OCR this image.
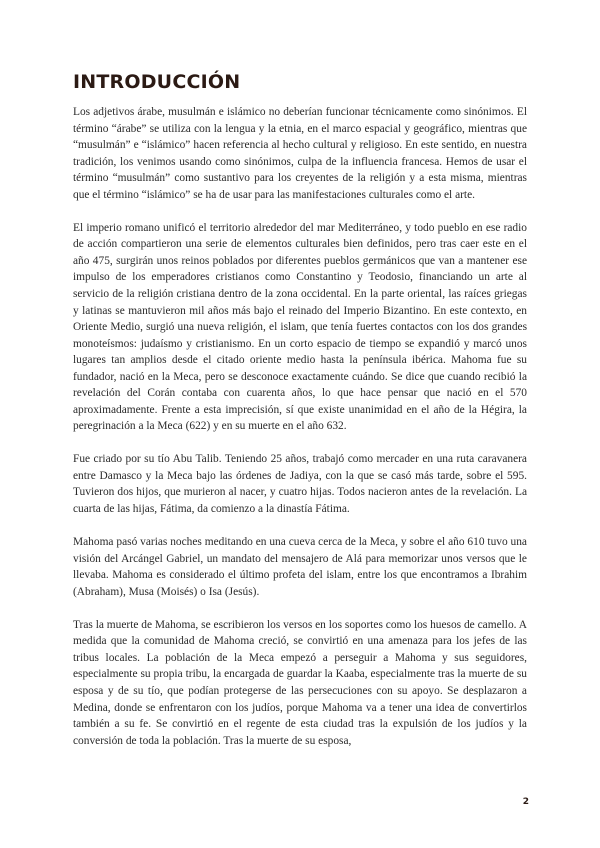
INTRODUCCIÓN

Los adjetivos árabe, musulmán e islámico no deberían funcionar técnicamente como sinónimos. El término “árabe” se utiliza con la lengua y la etnia, en el marco espacial y geográfico, mientras que “musulmán” e “islámico” hacen referencia al hecho cultural y religioso. En este sentido, en nuestra tradición, los venimos usando como sinónimos, culpa de la influencia francesa. Hemos de usar el término “musulmán” como sustantivo para los creyentes de la religión y a esta misma, mientras que el término “islámico” se ha de usar para las manifestaciones culturales como el arte.

El imperio romano unificó el territorio alrededor del mar Mediterráneo, y todo pueblo en ese radio de acción compartieron una serie de elementos culturales bien definidos, pero tras caer este en el año 475, surgirán unos reinos poblados por diferentes pueblos germánicos que van a mantener ese impulso de los emperadores cristianos como Constantino y Teodosio, financiando un arte al servicio de la religión cristiana dentro de la zona occidental. En la parte oriental, las raíces griegas y latinas se mantuvieron mil años más bajo el reinado del Imperio Bizantino. En este contexto, en Oriente Medio, surgió una nueva religión, el islam, que tenía fuertes contactos con los dos grandes monoteísmos: judaísmo y cristianismo. En un corto espacio de tiempo se expandió y marcó unos lugares tan amplios desde el citado oriente medio hasta la península ibérica. Mahoma fue su fundador, nació en la Meca, pero se desconoce exactamente cuándo. Se dice que cuando recibió la revelación del Corán contaba con cuarenta años, lo que hace pensar que nació en el 570 aproximadamente. Frente a esta imprecisión, sí que existe unanimidad en el año de la Hégira, la peregrinación a la Meca (622) y en su muerte en el año 632.

Fue criado por su tío Abu Talib. Teniendo 25 años, trabajó como mercader en una ruta caravanera entre Damasco y la Meca bajo las órdenes de Jadiya, con la que se casó más tarde, sobre el 595. Tuvieron dos hijos, que murieron al nacer, y cuatro hijas. Todos nacieron antes de la revelación. La cuarta de las hijas, Fátima, da comienzo a la dinastía Fátima.

Mahoma pasó varias noches meditando en una cueva cerca de la Meca, y sobre el año 610 tuvo una visión del Arcángel Gabriel, un mandato del mensajero de Alá para memorizar unos versos que le llevaba. Mahoma es considerado el último profeta del islam, entre los que encontramos a Ibrahim (Abraham), Musa (Moisés) o Isa (Jesús).

Tras la muerte de Mahoma, se escribieron los versos en los soportes como los huesos de camello. A medida que la comunidad de Mahoma creció, se convirtió en una amenaza para los jefes de las tribus locales. La población de la Meca empezó a perseguir a Mahoma y sus seguidores, especialmente su propia tribu, la encargada de guardar la Kaaba, especialmente tras la muerte de su esposa y de su tío, que podían protegerse de las persecuciones con su apoyo. Se desplazaron a Medina, donde se enfrentaron con los judíos, porque Mahoma va a tener una idea de convertirlos también a su fe. Se convirtió en el regente de esta ciudad tras la expulsión de los judíos y la conversión de toda la población. Tras la muerte de su esposa,

2
